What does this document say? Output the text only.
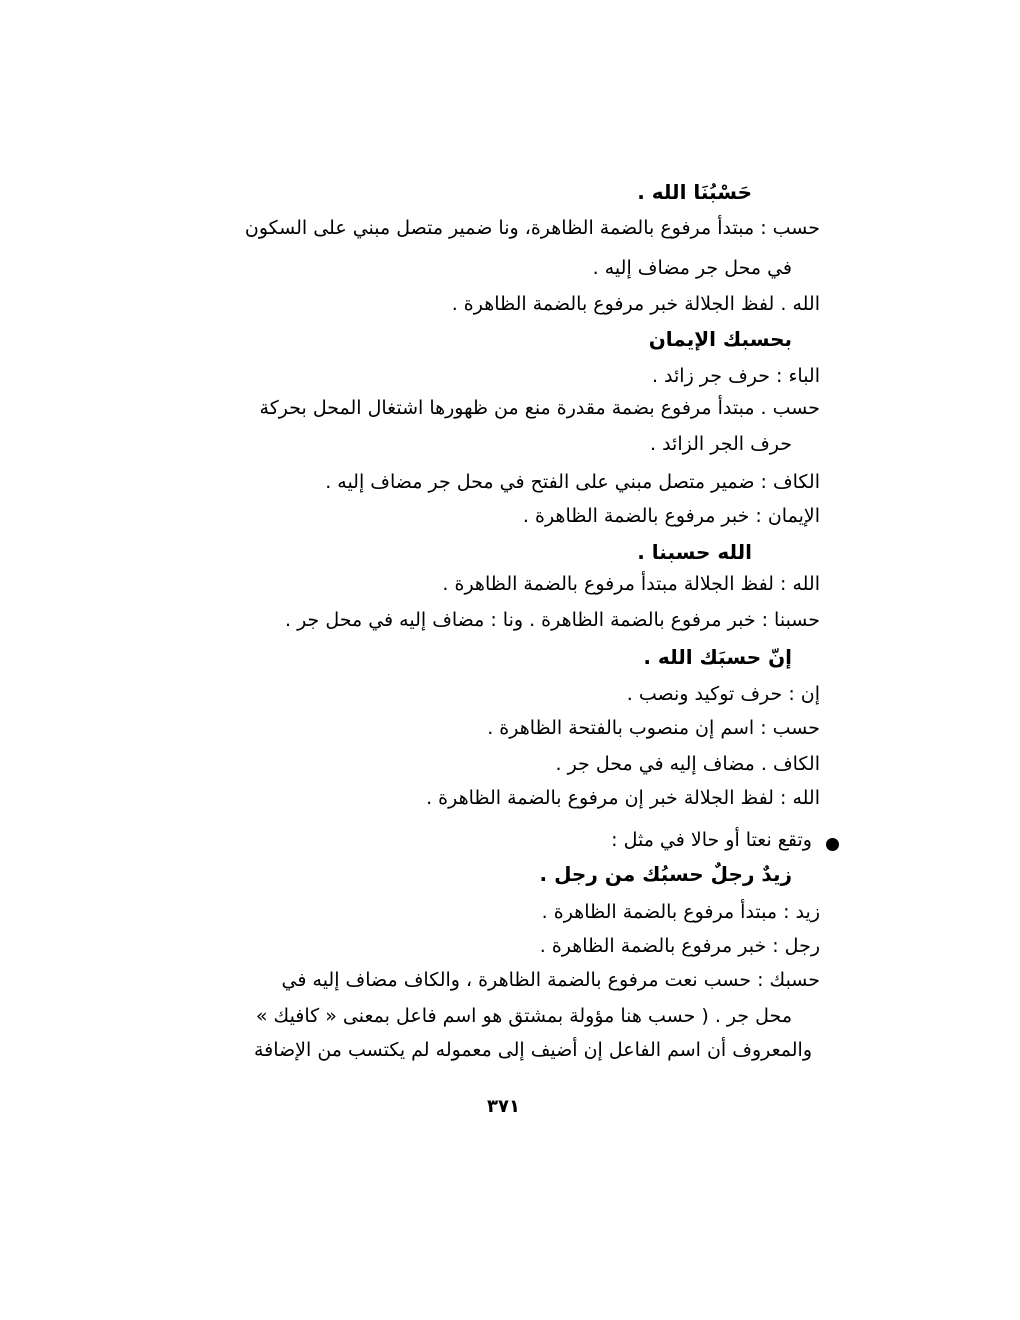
حَسْبُنَا الله .
حسب : مبتدأ مرفوع بالضمة الظاهرة، ونا ضمير متصل مبني على السكون
في محل جر مضاف إليه .
الله . لفظ الجلالة خبر مرفوع بالضمة الظاهرة .
بحسبك الإيمان
الباء : حرف جر زائد .
حسب . مبتدأ مرفوع بضمة مقدرة منع من ظهورها اشتغال المحل بحركة
حرف الجر الزائد .
الكاف : ضمير متصل مبني على الفتح في محل جر مضاف إليه .
الإيمان : خبر مرفوع بالضمة الظاهرة .
الله حسبنا .
الله : لفظ الجلالة مبتدأ مرفوع بالضمة الظاهرة .
حسبنا : خبر مرفوع بالضمة الظاهرة . ونا : مضاف إليه في محل جر .
إنّ حسبَك الله .
إن : حرف توكيد ونصب .
حسب : اسم إن منصوب بالفتحة الظاهرة .
الكاف . مضاف إليه في محل جر .
الله : لفظ الجلالة خبر إن مرفوع بالضمة الظاهرة .
وتقع نعتا أو حالا في مثل :
زيدٌ رجلٌ حسبُك من رجل .
زيد : مبتدأ مرفوع بالضمة الظاهرة .
رجل : خبر مرفوع بالضمة الظاهرة .
حسبك : حسب نعت مرفوع بالضمة الظاهرة ، والكاف مضاف إليه في
محل جر . ( حسب هنا مؤولة بمشتق هو اسم فاعل بمعنى « كافيك »
والمعروف أن اسم الفاعل إن أضيف إلى معموله لم يكتسب من الإضافة
٣٧١
